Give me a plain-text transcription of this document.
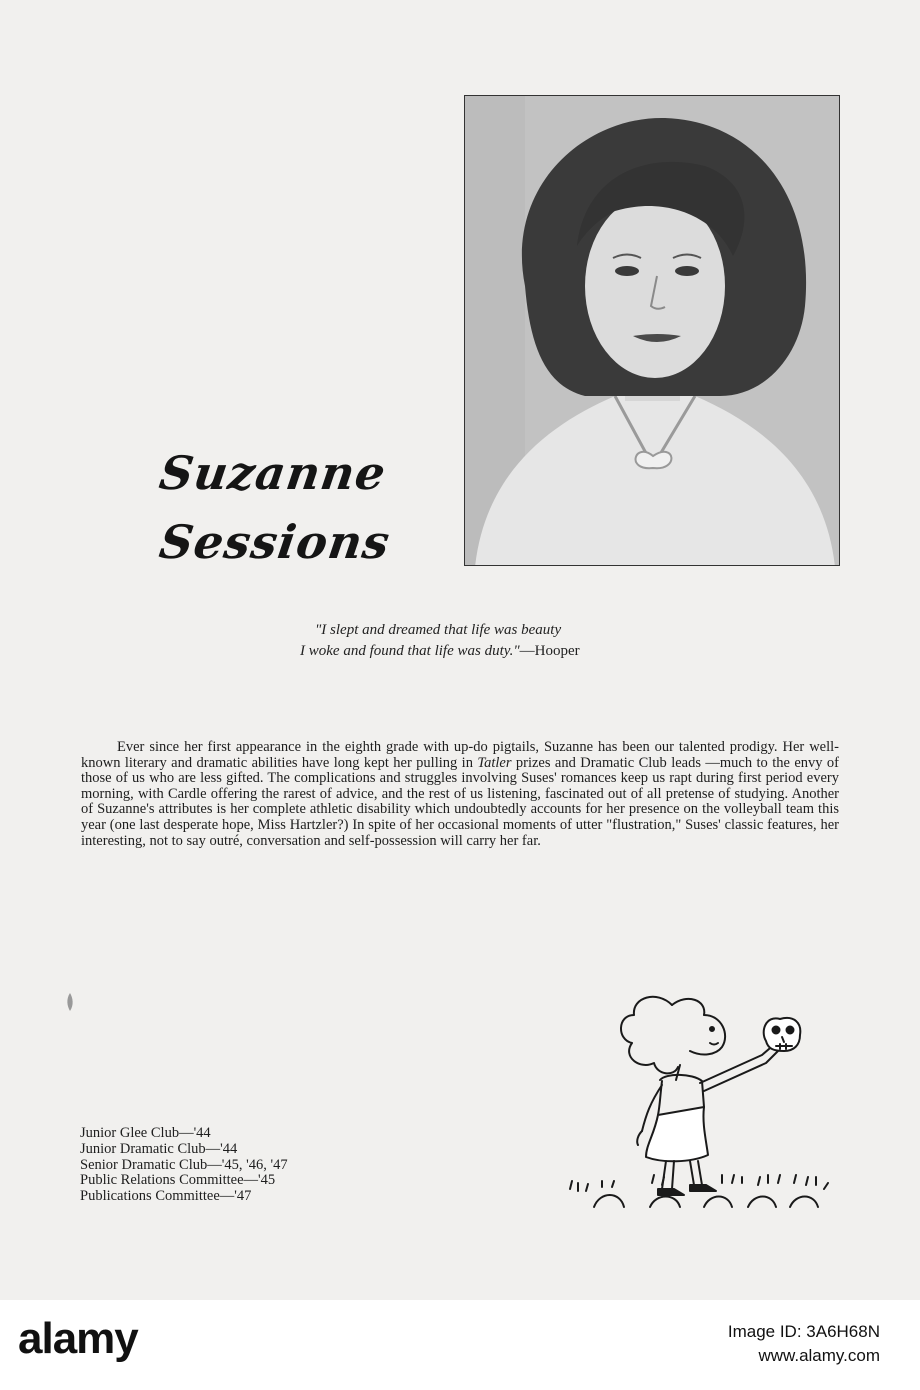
Suzanne
Sessions
"I slept and dreamed that life was beauty
I woke and found that life was duty."—Hooper

Ever since her first appearance in the eighth grade with up-do pigtails, Suzanne has been our talented prodigy. Her well-known literary and dramatic abilities have long kept her pulling in Tatler prizes and Dramatic Club leads —much to the envy of those of us who are less gifted. The complications and struggles involving Suses' romances keep us rapt during first period every morning, with Cardle offering the rarest of advice, and the rest of us listening, fascinated out of all pretense of studying. Another of Suzanne's attributes is her complete athletic disability which undoubtedly accounts for her presence on the volleyball team this year (one last desperate hope, Miss Hartzler?) In spite of her occasional moments of utter "flustration," Suses' classic features, her interesting, not to say outré, conversation and self-possession will carry her far.

Junior Glee Club—'44
Junior Dramatic Club—'44
Senior Dramatic Club—'45, '46, '47
Public Relations Committee—'45
Publications Committee—'47
alamy	Image ID: 3A6H68N
www.alamy.com
